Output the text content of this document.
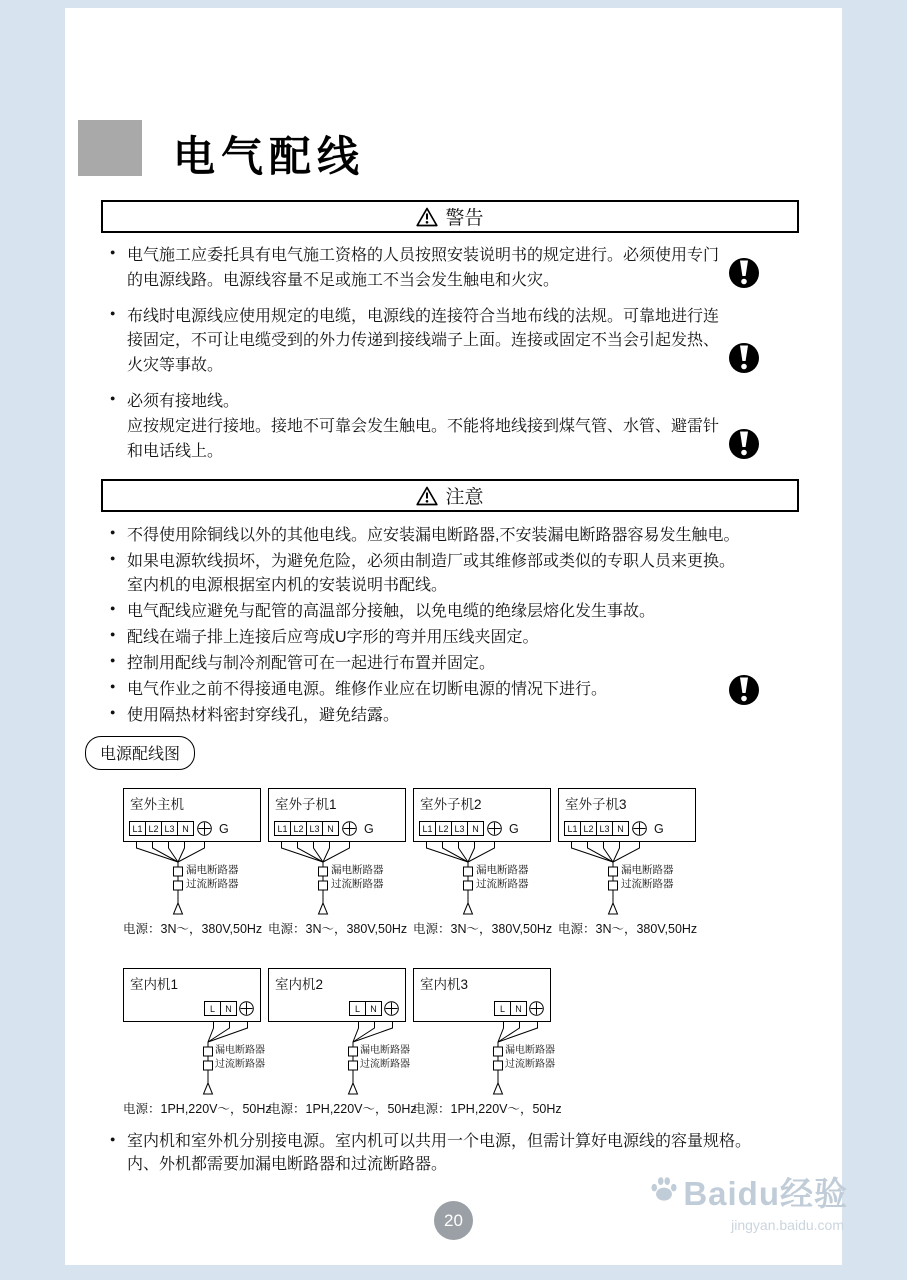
电气配线
警告
● 电气施工应委托具有电气施工资格的人员按照安装说明书的规定进行。必须使用专门的电源线路。电源线容量不足或施工不当会发生触电和火灾。
● 布线时电源线应使用规定的电缆，电源线的连接符合当地布线的法规。可靠地进行连接固定，不可让电缆受到的外力传递到接线端子上面。连接或固定不当会引起发热、火灾等事故。
● 必须有接地线。
应按规定进行接地。接地不可靠会发生触电。不能将地线接到煤气管、水管、避雷针和电话线上。
注意
● 不得使用除铜线以外的其他电线。应安装漏电断路器,不安装漏电断路器容易发生触电。
● 如果电源软线损坏，为避免危险，必须由制造厂或其维修部或类似的专职人员来更换。
室内机的电源根据室内机的安装说明书配线。
● 电气配线应避免与配管的高温部分接触，以免电缆的绝缘层熔化发生事故。
● 配线在端子排上连接后应弯成U字形的弯并用压线夹固定。
● 控制用配线与制冷剂配管可在一起进行布置并固定。
● 电气作业之前不得接通电源。维修作业应在切断电源的情况下进行。
● 使用隔热材料密封穿线孔，避免结露。
电源配线图
室外主机
L1 L2 L3 N	G
漏电断路器
过流断路器
电源：3N～，380V,50Hz
室外子机1
L1 L2 L3 N	G
漏电断路器
过流断路器
电源：3N～，380V,50Hz
室外子机2
L1 L2 L3 N	G
漏电断路器
过流断路器
电源：3N～，380V,50Hz
室外子机3
L1 L2 L3 N	G
漏电断路器
过流断路器
电源：3N～，380V,50Hz
室内机1
L	N
漏电断路器
过流断路器
电源：1PH,220V～，50Hz
室内机2
L	N
漏电断路器
过流断路器
电源：1PH,220V～，50Hz
室内机3
L	N
漏电断路器
过流断路器
电源：1PH,220V～，50Hz
● 室内机和室外机分别接电源。室内机可以共用一个电源，但需计算好电源线的容量规格。
内、外机都需要加漏电断路器和过流断路器。
20
Baidu经验
jingyan.baidu.com
